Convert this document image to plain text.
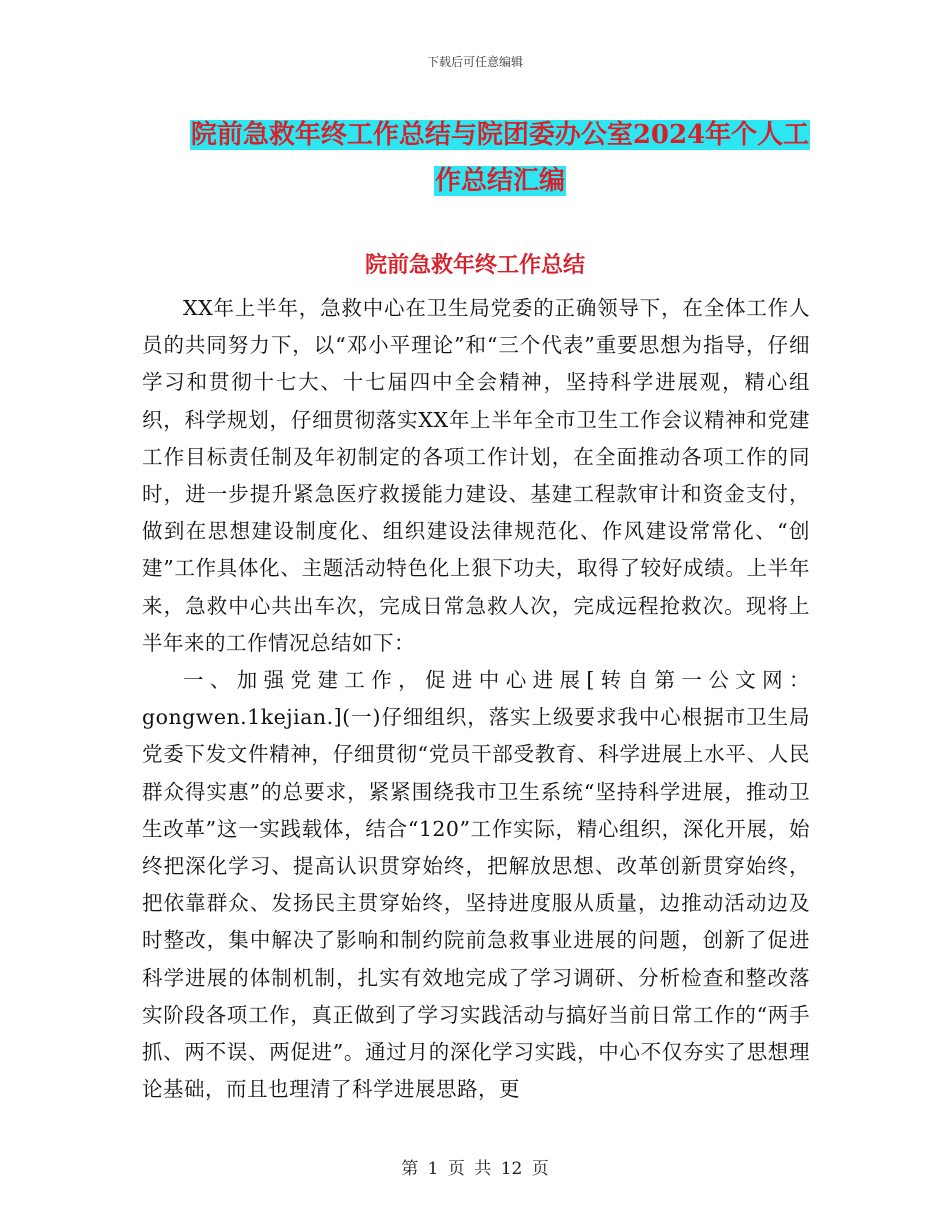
下载后可任意编辑
院前急救年终工作总结与院团委办公室2024年个人工
作总结汇编
院前急救年终工作总结

XX年上半年，急救中心在卫生局党委的正确领导下，在全体工作人员的共同努力下，以“邓小平理论”和“三个代表”重要思想为指导，仔细学习和贯彻十七大、十七届四中全会精神，坚持科学进展观，精心组织，科学规划，仔细贯彻落实XX年上半年全市卫生工作会议精神和党建工作目标责任制及年初制定的各项工作计划，在全面推动各项工作的同时，进一步提升紧急医疗救援能力建设、基建工程款审计和资金支付，做到在思想建设制度化、组织建设法律规范化、作风建设常常化、“创建”工作具体化、主题活动特色化上狠下功夫，取得了较好成绩。上半年来，急救中心共出车次，完成日常急救人次，完成远程抢救次。现将上半年来的工作情况总结如下：

一、加强党建工作，促进中心进展[转自第一公文网：gongwen.1kejian.](一)仔细组织，落实上级要求我中心根据市卫生局党委下发文件精神，仔细贯彻“党员干部受教育、科学进展上水平、人民群众得实惠”的总要求，紧紧围绕我市卫生系统“坚持科学进展，推动卫生改革”这一实践载体，结合“120”工作实际，精心组织，深化开展，始终把深化学习、提高认识贯穿始终，把解放思想、改革创新贯穿始终，把依靠群众、发扬民主贯穿始终，坚持进度服从质量，边推动活动边及时整改，集中解决了影响和制约院前急救事业进展的问题，创新了促进科学进展的体制机制，扎实有效地完成了学习调研、分析检查和整改落实阶段各项工作，真正做到了学习实践活动与搞好当前日常工作的“两手抓、两不误、两促进”。通过月的深化学习实践，中心不仅夯实了思想理论基础，而且也理清了科学进展思路，更

第 1 页 共 12 页
